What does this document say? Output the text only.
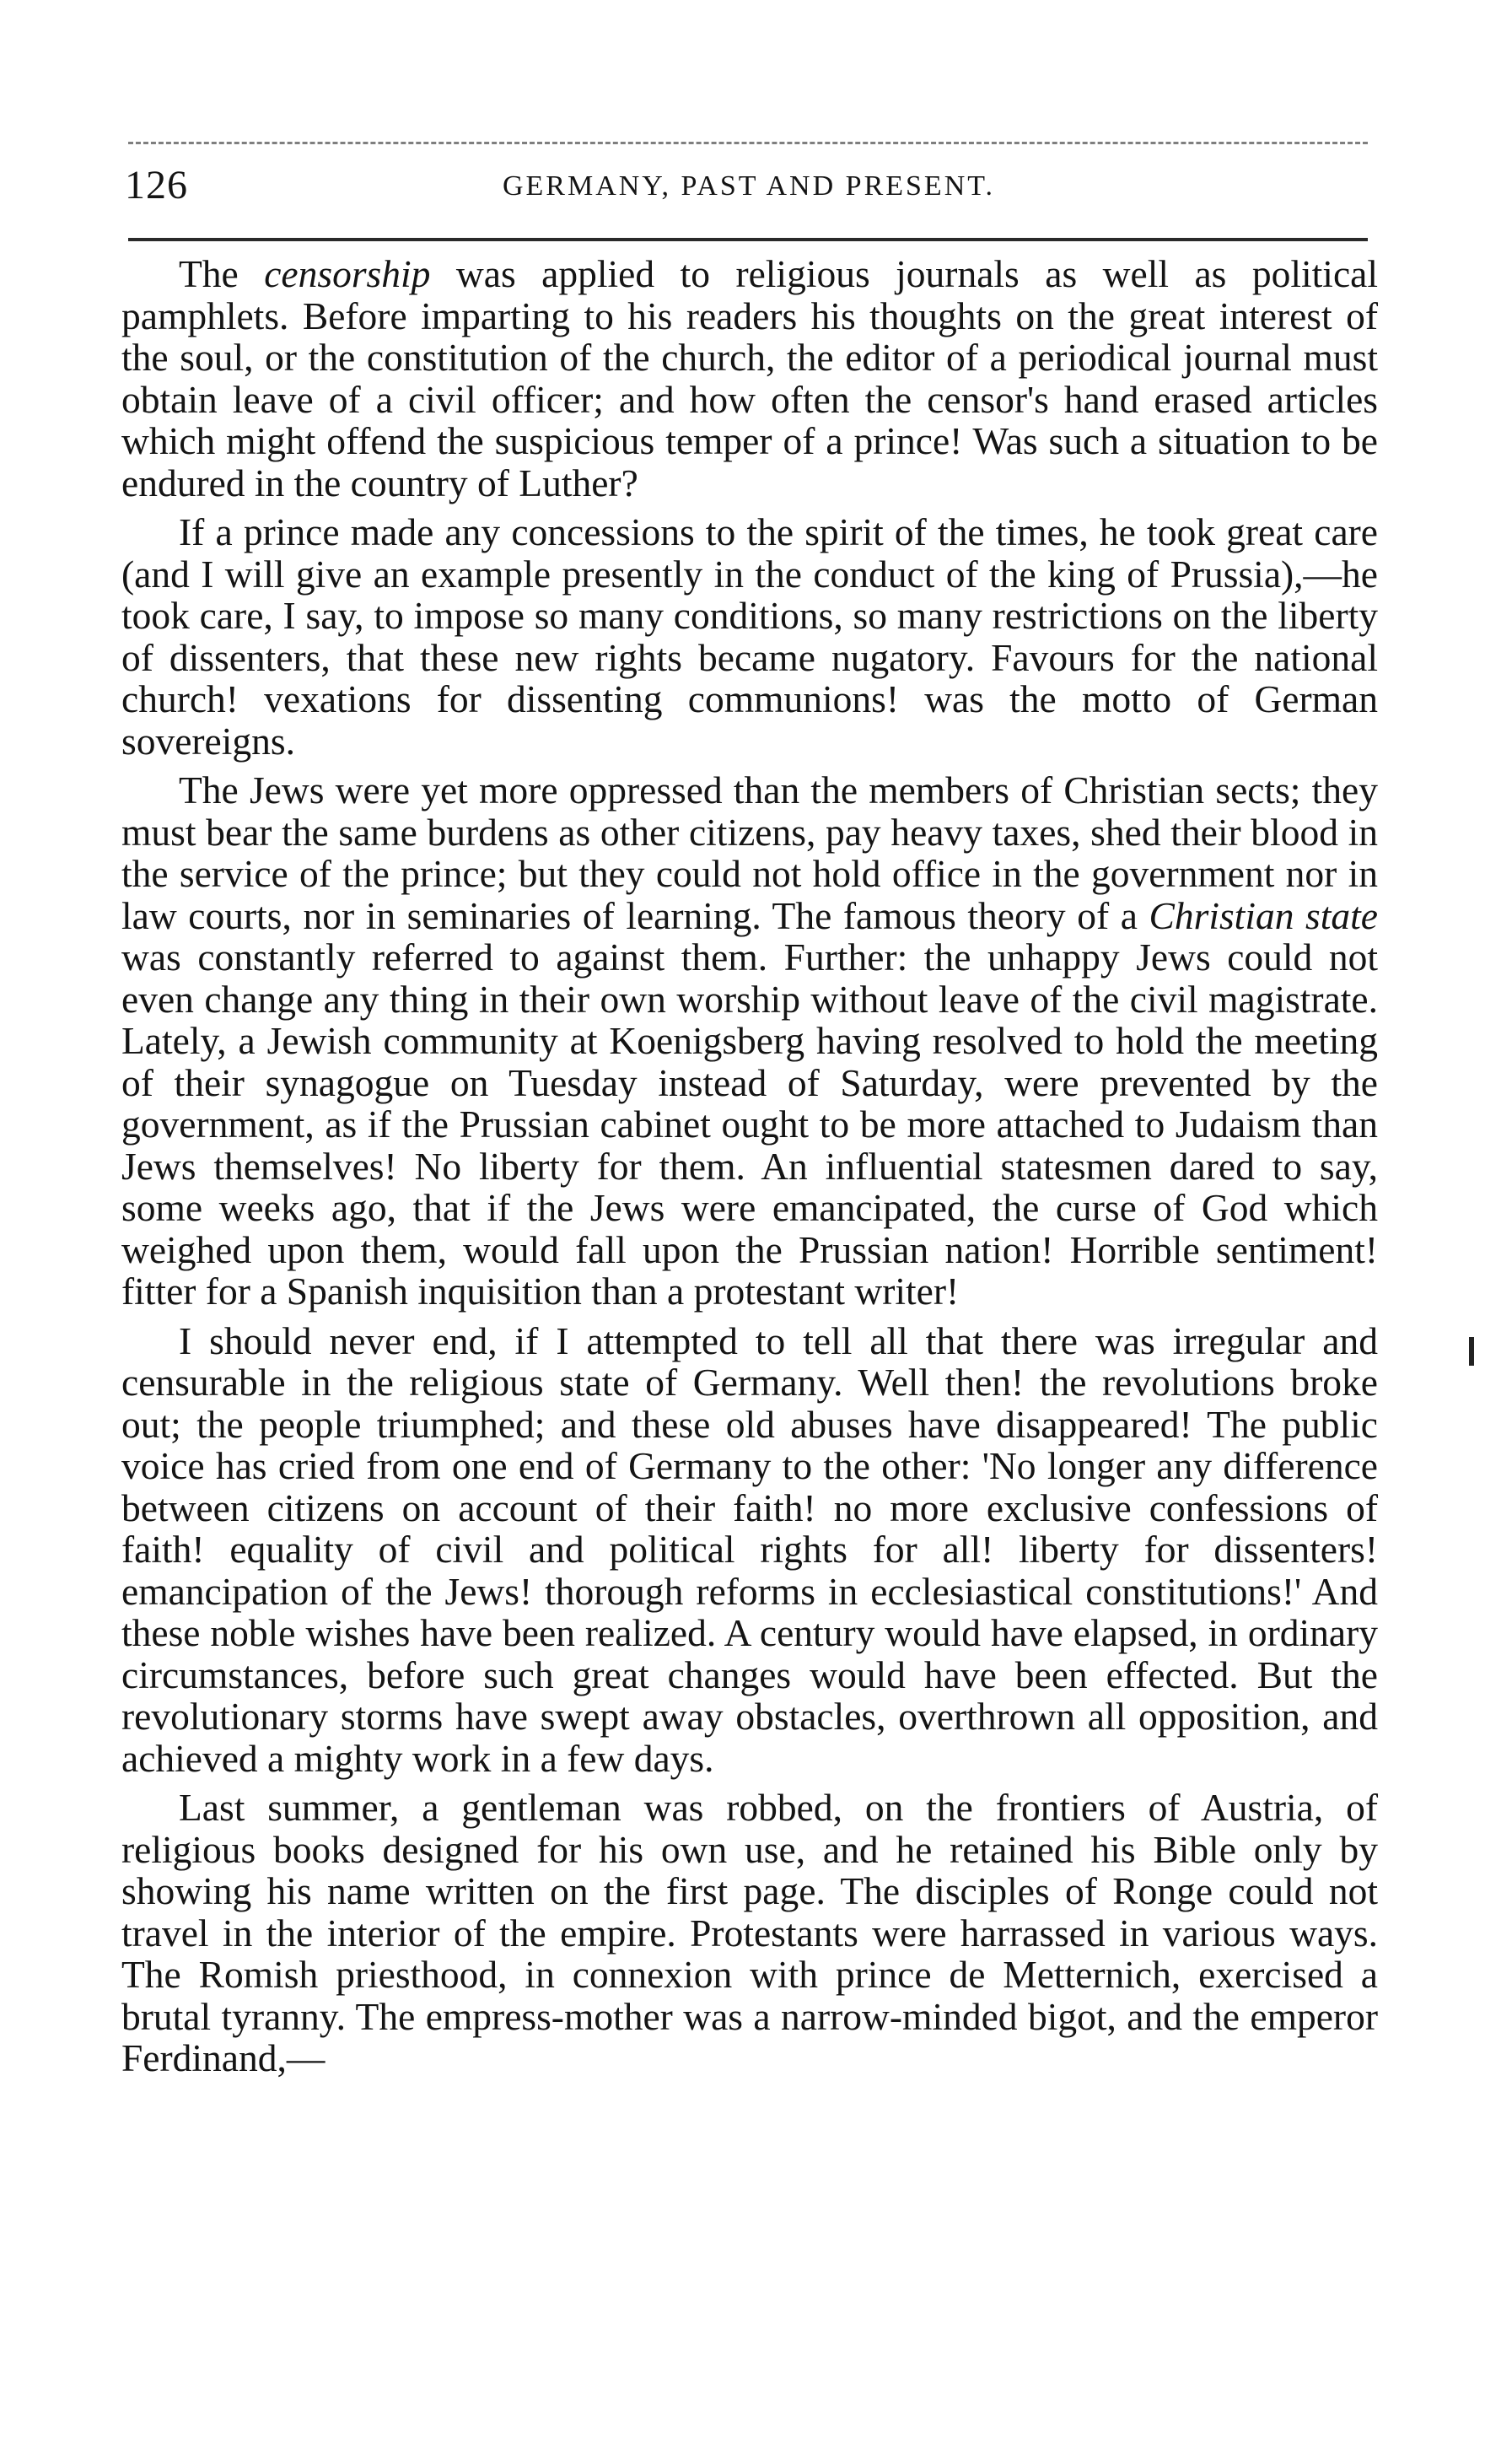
126	GERMANY, PAST AND PRESENT.

The censorship was applied to religious journals as well as political pamphlets. Before imparting to his readers his thoughts on the great interest of the soul, or the constitution of the church, the editor of a periodical journal must obtain leave of a civil officer; and how often the censor's hand erased articles which might offend the suspicious temper of a prince! Was such a situation to be endured in the country of Luther?

If a prince made any concessions to the spirit of the times, he took great care (and I will give an example presently in the conduct of the king of Prussia),—he took care, I say, to impose so many conditions, so many restrictions on the liberty of dissenters, that these new rights became nugatory. Favours for the national church! vexations for dissenting communions! was the motto of German sovereigns.

The Jews were yet more oppressed than the members of Christian sects; they must bear the same burdens as other citizens, pay heavy taxes, shed their blood in the service of the prince; but they could not hold office in the government nor in law courts, nor in seminaries of learning. The famous theory of a Christian state was constantly referred to against them. Further: the unhappy Jews could not even change any thing in their own worship without leave of the civil magistrate. Lately, a Jewish community at Koenigsberg having resolved to hold the meeting of their synagogue on Tuesday instead of Saturday, were prevented by the government, as if the Prussian cabinet ought to be more attached to Judaism than Jews themselves! No liberty for them. An influential statesmen dared to say, some weeks ago, that if the Jews were emancipated, the curse of God which weighed upon them, would fall upon the Prussian nation! Horrible sentiment! fitter for a Spanish inquisition than a protestant writer!

I should never end, if I attempted to tell all that there was irregular and censurable in the religious state of Germany. Well then! the revolutions broke out; the people triumphed; and these old abuses have disappeared! The public voice has cried from one end of Germany to the other: 'No longer any difference between citizens on account of their faith! no more exclusive confessions of faith! equality of civil and political rights for all! liberty for dissenters! emancipation of the Jews! thorough reforms in ecclesiastical constitutions!' And these noble wishes have been realized. A century would have elapsed, in ordinary circumstances, before such great changes would have been effected. But the revolutionary storms have swept away obstacles, overthrown all opposition, and achieved a mighty work in a few days.

Last summer, a gentleman was robbed, on the frontiers of Austria, of religious books designed for his own use, and he retained his Bible only by showing his name written on the first page. The disciples of Ronge could not travel in the interior of the empire. Protestants were harrassed in various ways. The Romish priesthood, in connexion with prince de Metternich, exercised a brutal tyranny. The empress-mother was a narrow-minded bigot, and the emperor Ferdinand,—
